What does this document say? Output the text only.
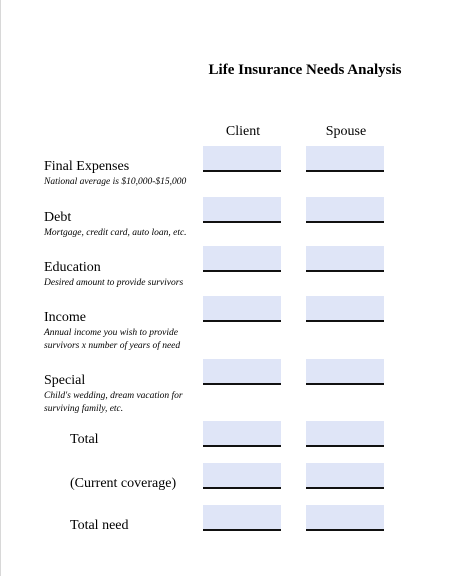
Life Insurance Needs Analysis
Client	Spouse
Final Expenses
National average is $10,000-$15,000
Debt
Mortgage, credit card, auto loan, etc.
Education
Desired amount to provide survivors
Income
Annual income you wish to provide
survivors x number of years of need
Special
Child's wedding, dream vacation for
surviving family, etc.
Total
(Current coverage)
Total need
